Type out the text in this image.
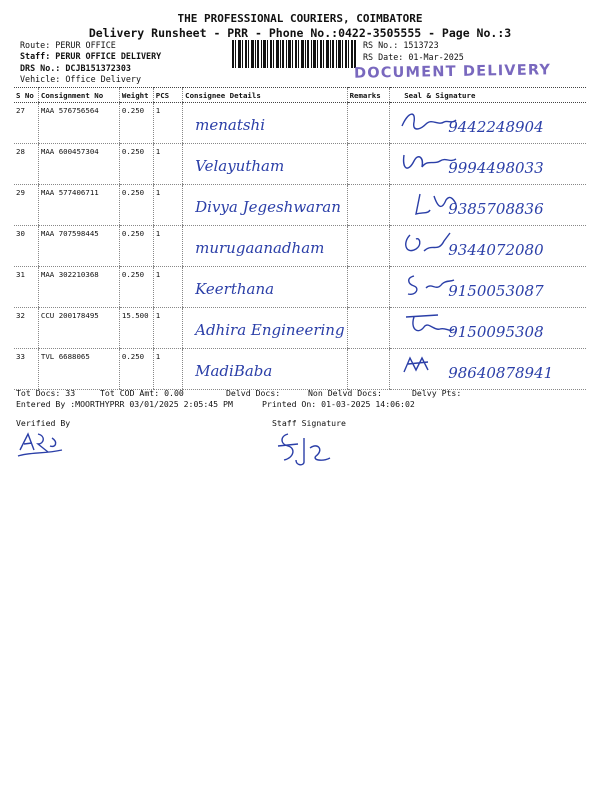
THE PROFESSIONAL COURIERS, COIMBATORE
Delivery Runsheet - PRR - Phone No.:0422-3505555 - Page No.:3
Route: PERUR OFFICE
Staff: PERUR OFFICE DELIVERY
DRS No.: DCJB151372303
Vehicle: Office Delivery
RS No.: 1513723
RS Date: 01-Mar-2025
DOCUMENT DELIVERY
S No	Consignment No	Weight	PCS	Consignee Details	Remarks	Seal & Signature
27	MAA 576756564	0.250	1	menatshi		9442248904

28	MAA 600457304	0.250	1	Velayutham		9994498033

29	MAA 577406711	0.250	1	Divya Jegeshwaran		9385708836

30	MAA 707598445	0.250	1	murugaanadham		9344072080

31	MAA 302210368	0.250	1	Keerthana		9150053087

32	CCU 200178495	15.500	1	Adhira Engineering		9150095308

33	TVL 6688065	0.250	1	MadiBaba		98640878941
Tot Docs: 33	Tot COD Amt: 0.00	Delvd Docs:	Non Delvd Docs:	Delvy Pts:
Entered By :MOORTHYPRR 03/01/2025 2:05:45 PM	Printed On: 01-03-2025 14:06:02
Verified By	Staff Signature
